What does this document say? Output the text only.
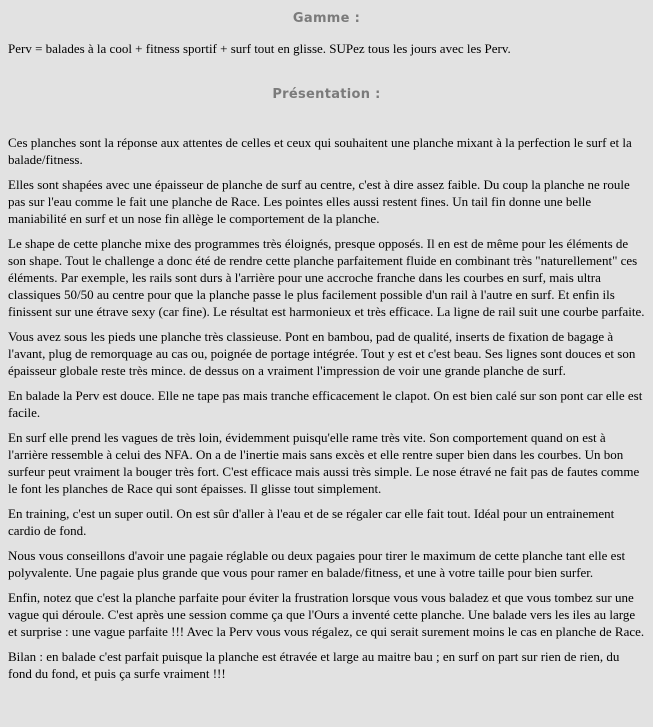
Gamme :

Perv = balades à la cool + fitness sportif + surf tout en glisse. SUPez tous les jours avec les Perv.

Présentation :

Ces planches sont la réponse aux attentes de celles et ceux qui souhaitent une planche mixant à la perfection le surf et la balade/fitness.

Elles sont shapées avec une épaisseur de planche de surf au centre, c'est à dire assez faible. Du coup la planche ne roule pas sur l'eau comme le fait une planche de Race. Les pointes elles aussi restent fines. Un tail fin donne une belle maniabilité en surf et un nose fin allège le comportement de la planche.

Le shape de cette planche mixe des programmes très éloignés, presque opposés. Il en est de même pour les éléments de son shape. Tout le challenge a donc été de rendre cette planche parfaitement fluide en combinant très "naturellement" ces éléments. Par exemple, les rails sont durs à l'arrière pour une accroche franche dans les courbes en surf, mais ultra classiques 50/50 au centre pour que la planche passe le plus facilement possible d'un rail à l'autre en surf. Et enfin ils finissent sur une étrave sexy (car fine). Le résultat est harmonieux et très efficace. La ligne de rail suit une courbe parfaite.

Vous avez sous les pieds une planche très classieuse. Pont en bambou, pad de qualité, inserts de fixation de bagage à l'avant, plug de remorquage au cas ou, poignée de portage intégrée. Tout y est et c'est beau. Ses lignes sont douces et son épaisseur globale reste très mince. de dessus on a vraiment l'impression de voir une grande planche de surf.

En balade la Perv est douce. Elle ne tape pas mais tranche efficacement le clapot. On est bien calé sur son pont car elle est facile.

En surf elle prend les vagues de très loin, évidemment puisqu'elle rame très vite. Son comportement quand on est à l'arrière ressemble à celui des NFA. On a de l'inertie mais sans excès et elle rentre super bien dans les courbes. Un bon surfeur peut vraiment la bouger très fort. C'est efficace mais aussi très simple. Le nose étravé ne fait pas de fautes comme le font les planches de Race qui sont épaisses. Il glisse tout simplement.

En training, c'est un super outil. On est sûr d'aller à l'eau et de se régaler car elle fait tout. Idéal pour un entrainement cardio de fond.

Nous vous conseillons d'avoir une pagaie réglable ou deux pagaies pour tirer le maximum de cette planche tant elle est polyvalente. Une pagaie plus grande que vous pour ramer en balade/fitness, et une à votre taille pour bien surfer.

Enfin, notez que c'est la planche parfaite pour éviter la frustration lorsque vous vous baladez et que vous tombez sur une vague qui déroule. C'est après une session comme ça que l'Ours a inventé cette planche. Une balade vers les iles au large et surprise : une vague parfaite !!! Avec la Perv vous vous régalez, ce qui serait surement moins le cas en planche de Race.

Bilan : en balade c'est parfait puisque la planche est étravée et large au maitre bau ; en surf on part sur rien de rien, du fond du fond, et puis ça surfe vraiment !!!
